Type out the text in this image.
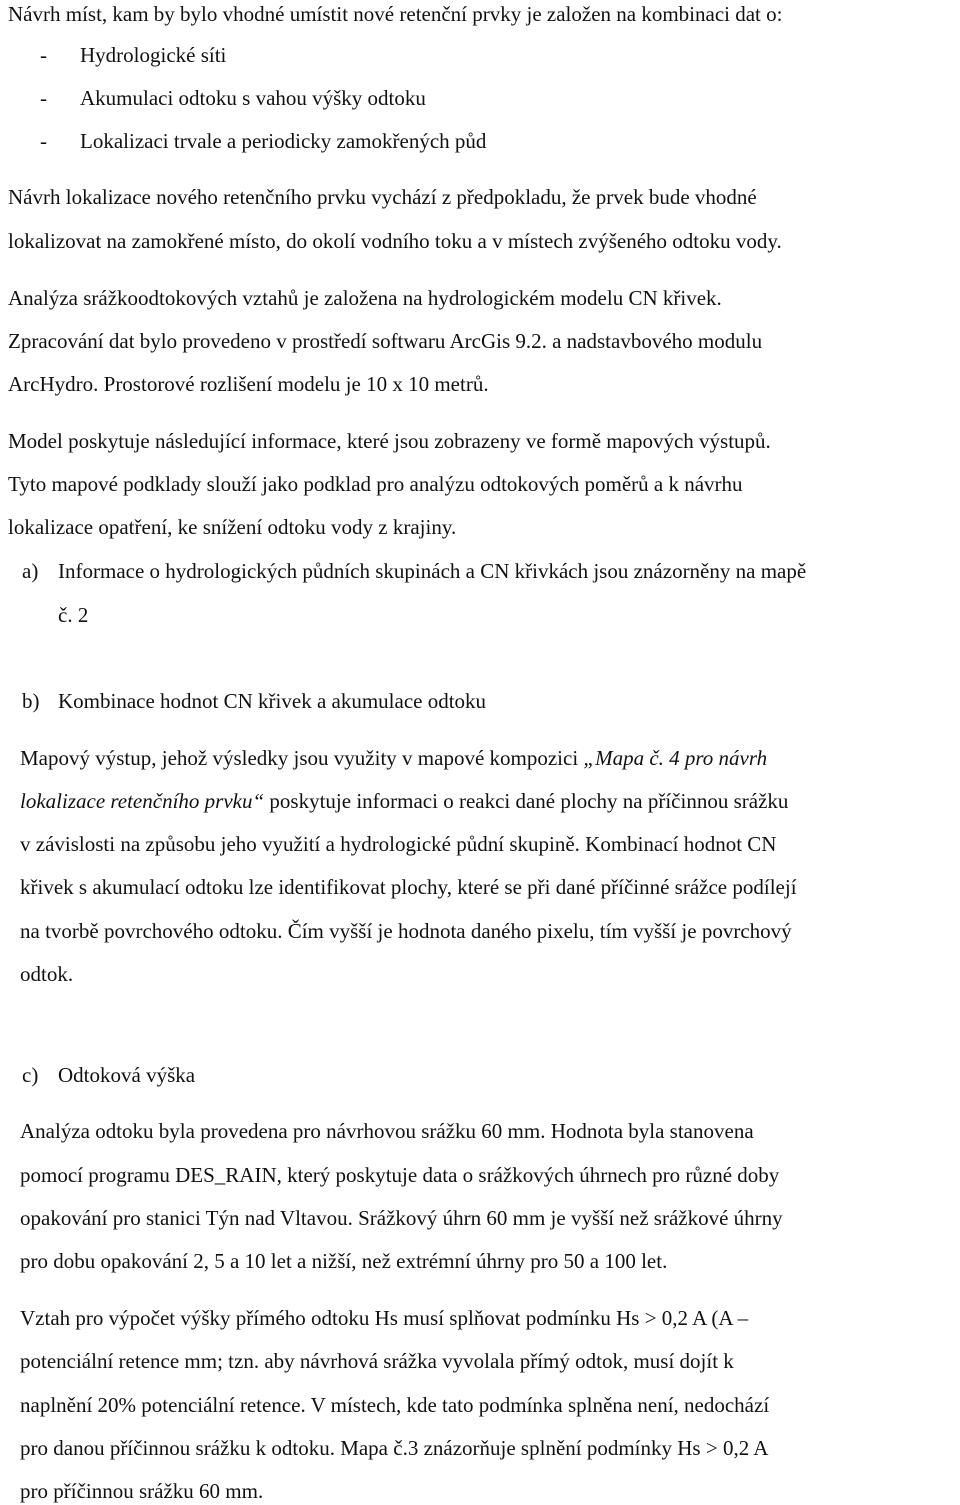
Návrh míst, kam by bylo vhodné umístit nové retenční prvky je založen na kombinaci dat o:
- Hydrologické síti
- Akumulaci odtoku s vahou výšky odtoku
- Lokalizaci trvale a periodicky zamokřených půd
Návrh lokalizace nového retenčního prvku vychází z předpokladu, že prvek bude vhodné
lokalizovat na zamokřené místo, do okolí vodního toku a v místech zvýšeného odtoku vody.
Analýza srážkoodtokových vztahů je založena na hydrologickém modelu CN křivek.
Zpracování dat bylo provedeno v prostředí softwaru ArcGis 9.2. a nadstavbového modulu
ArcHydro. Prostorové rozlišení modelu je 10 x 10 metrů.
Model poskytuje následující informace, které jsou zobrazeny ve formě mapových výstupů.
Tyto mapové podklady slouží jako podklad pro analýzu odtokových poměrů a k návrhu
lokalizace opatření, ke snížení odtoku vody z krajiny.
a) Informace o hydrologických půdních skupinách a CN křivkách jsou znázorněny na mapě
č. 2
b) Kombinace hodnot CN křivek a akumulace odtoku
Mapový výstup, jehož výsledky jsou využity v mapové kompozici „Mapa č. 4 pro návrh
lokalizace retenčního prvku“ poskytuje informaci o reakci dané plochy na příčinnou srážku
v závislosti na způsobu jeho využití a hydrologické půdní skupině. Kombinací hodnot CN
křivek s akumulací odtoku lze identifikovat plochy, které se při dané příčinné srážce podílejí
na tvorbě povrchového odtoku. Čím vyšší je hodnota daného pixelu, tím vyšší je povrchový
odtok.
c) Odtoková výška
Analýza odtoku byla provedena pro návrhovou srážku 60 mm. Hodnota byla stanovena
pomocí programu DES_RAIN, který poskytuje data o srážkových úhrnech pro různé doby
opakování pro stanici Týn nad Vltavou. Srážkový úhrn 60 mm je vyšší než srážkové úhrny
pro dobu opakování 2, 5 a 10 let a nižší, než extrémní úhrny pro 50 a 100 let.
Vztah pro výpočet výšky přímého odtoku Hs musí splňovat podmínku Hs > 0,2 A (A –
potenciální retence mm; tzn. aby návrhová srážka vyvolala přímý odtok, musí dojít k
naplnění 20% potenciální retence. V místech, kde tato podmínka splněna není, nedochází
pro danou příčinnou srážku k odtoku. Mapa č.3 znázorňuje splnění podmínky Hs > 0,2 A
pro příčinnou srážku 60 mm.
